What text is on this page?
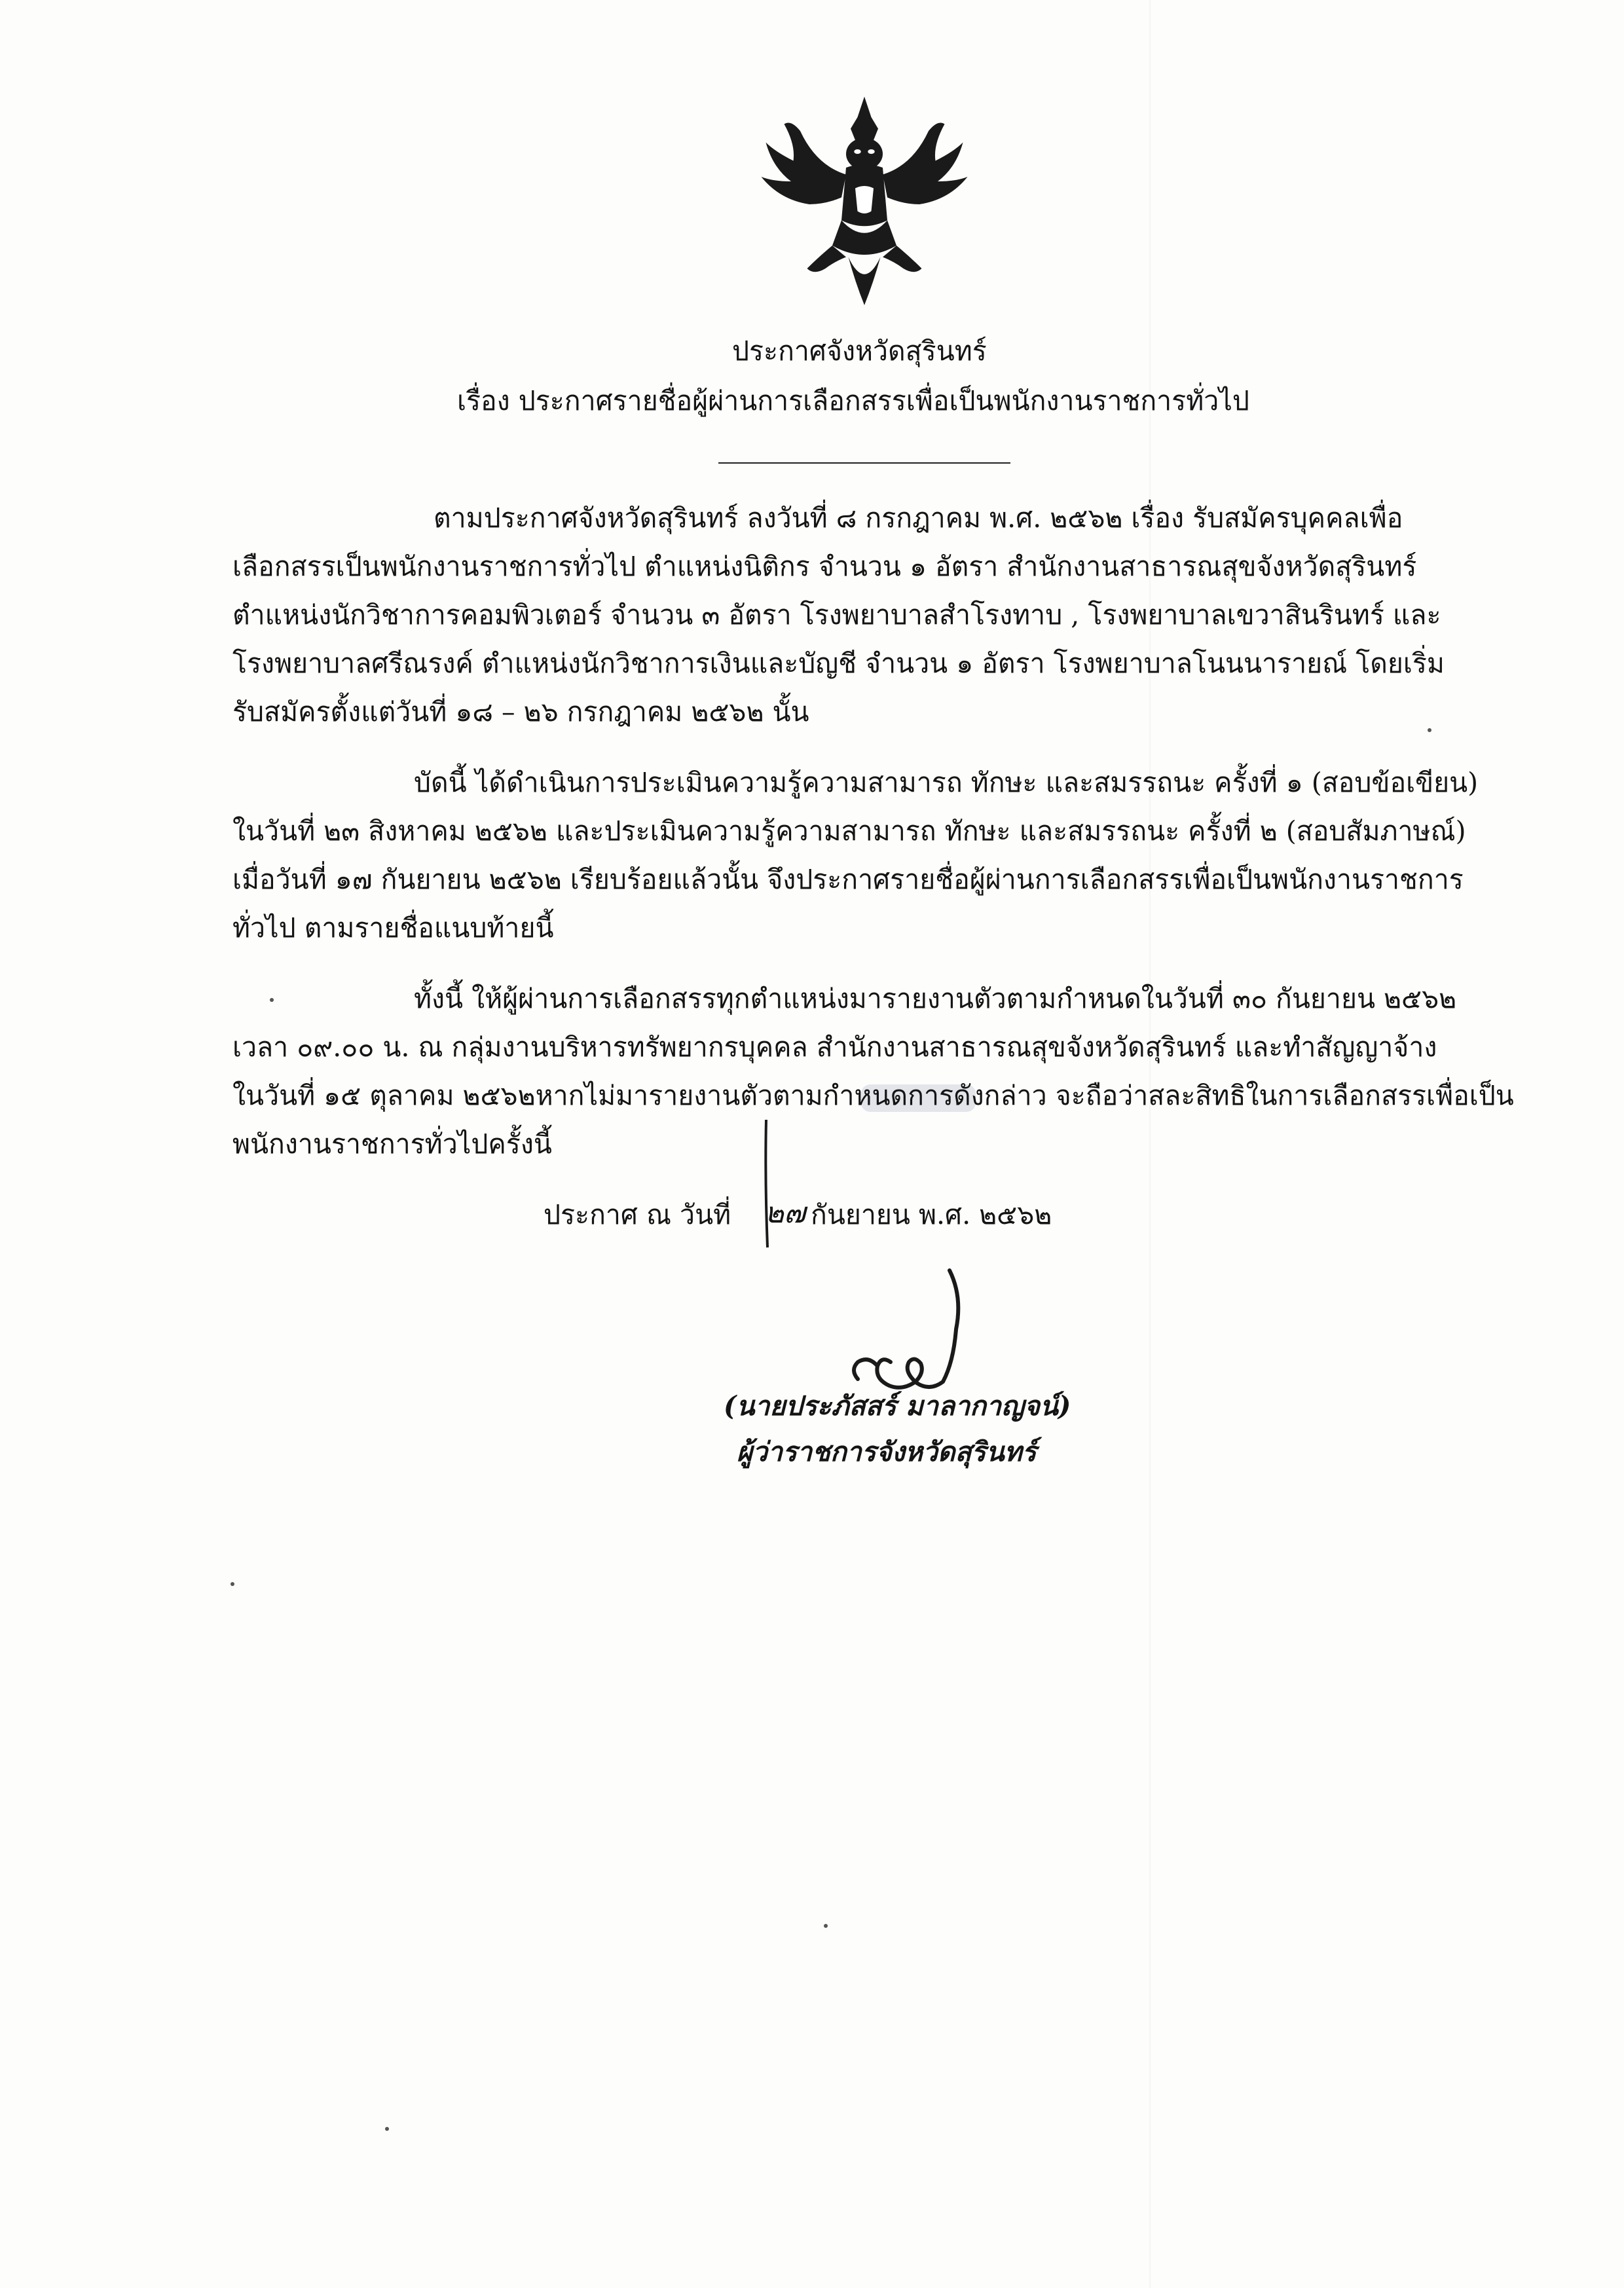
ประกาศจังหวัดสุรินทร์
เรื่อง ประกาศรายชื่อผู้ผ่านการเลือกสรรเพื่อเป็นพนักงานราชการทั่วไป
ตามประกาศจังหวัดสุรินทร์ ลงวันที่ ๘ กรกฎาคม พ.ศ. ๒๕๖๒ เรื่อง รับสมัครบุคคลเพื่อ
เลือกสรรเป็นพนักงานราชการทั่วไป ตำแหน่งนิติกร จำนวน ๑ อัตรา สำนักงานสาธารณสุขจังหวัดสุรินทร์
ตำแหน่งนักวิชาการคอมพิวเตอร์ จำนวน ๓ อัตรา โรงพยาบาลสำโรงทาบ , โรงพยาบาลเขวาสินรินทร์ และ
โรงพยาบาลศรีณรงค์ ตำแหน่งนักวิชาการเงินและบัญชี จำนวน ๑ อัตรา โรงพยาบาลโนนนารายณ์ โดยเริ่ม
รับสมัครตั้งแต่วันที่ ๑๘ – ๒๖ กรกฎาคม ๒๕๖๒ นั้น
บัดนี้ ได้ดำเนินการประเมินความรู้ความสามารถ ทักษะ และสมรรถนะ ครั้งที่ ๑ (สอบข้อเขียน)
ในวันที่ ๒๓ สิงหาคม ๒๕๖๒ และประเมินความรู้ความสามารถ ทักษะ และสมรรถนะ ครั้งที่ ๒ (สอบสัมภาษณ์)
เมื่อวันที่ ๑๗ กันยายน ๒๕๖๒ เรียบร้อยแล้วนั้น จึงประกาศรายชื่อผู้ผ่านการเลือกสรรเพื่อเป็นพนักงานราชการ
ทั่วไป ตามรายชื่อแนบท้ายนี้
ทั้งนี้ ให้ผู้ผ่านการเลือกสรรทุกตำแหน่งมารายงานตัวตามกำหนดในวันที่ ๓๐ กันยายน ๒๕๖๒
เวลา ๐๙.๐๐ น. ณ กลุ่มงานบริหารทรัพยากรบุคคล สำนักงานสาธารณสุขจังหวัดสุรินทร์ และทำสัญญาจ้าง
ในวันที่ ๑๕ ตุลาคม ๒๕๖๒หากไม่มารายงานตัวตามกำหนดการดังกล่าว จะถือว่าสละสิทธิในการเลือกสรรเพื่อเป็น
พนักงานราชการทั่วไปครั้งนี้
ประกาศ ณ วันที่ ๒๗ กันยายน พ.ศ. ๒๕๖๒
(นายประภัสสร์ มาลากาญจน์)
ผู้ว่าราชการจังหวัดสุรินทร์
